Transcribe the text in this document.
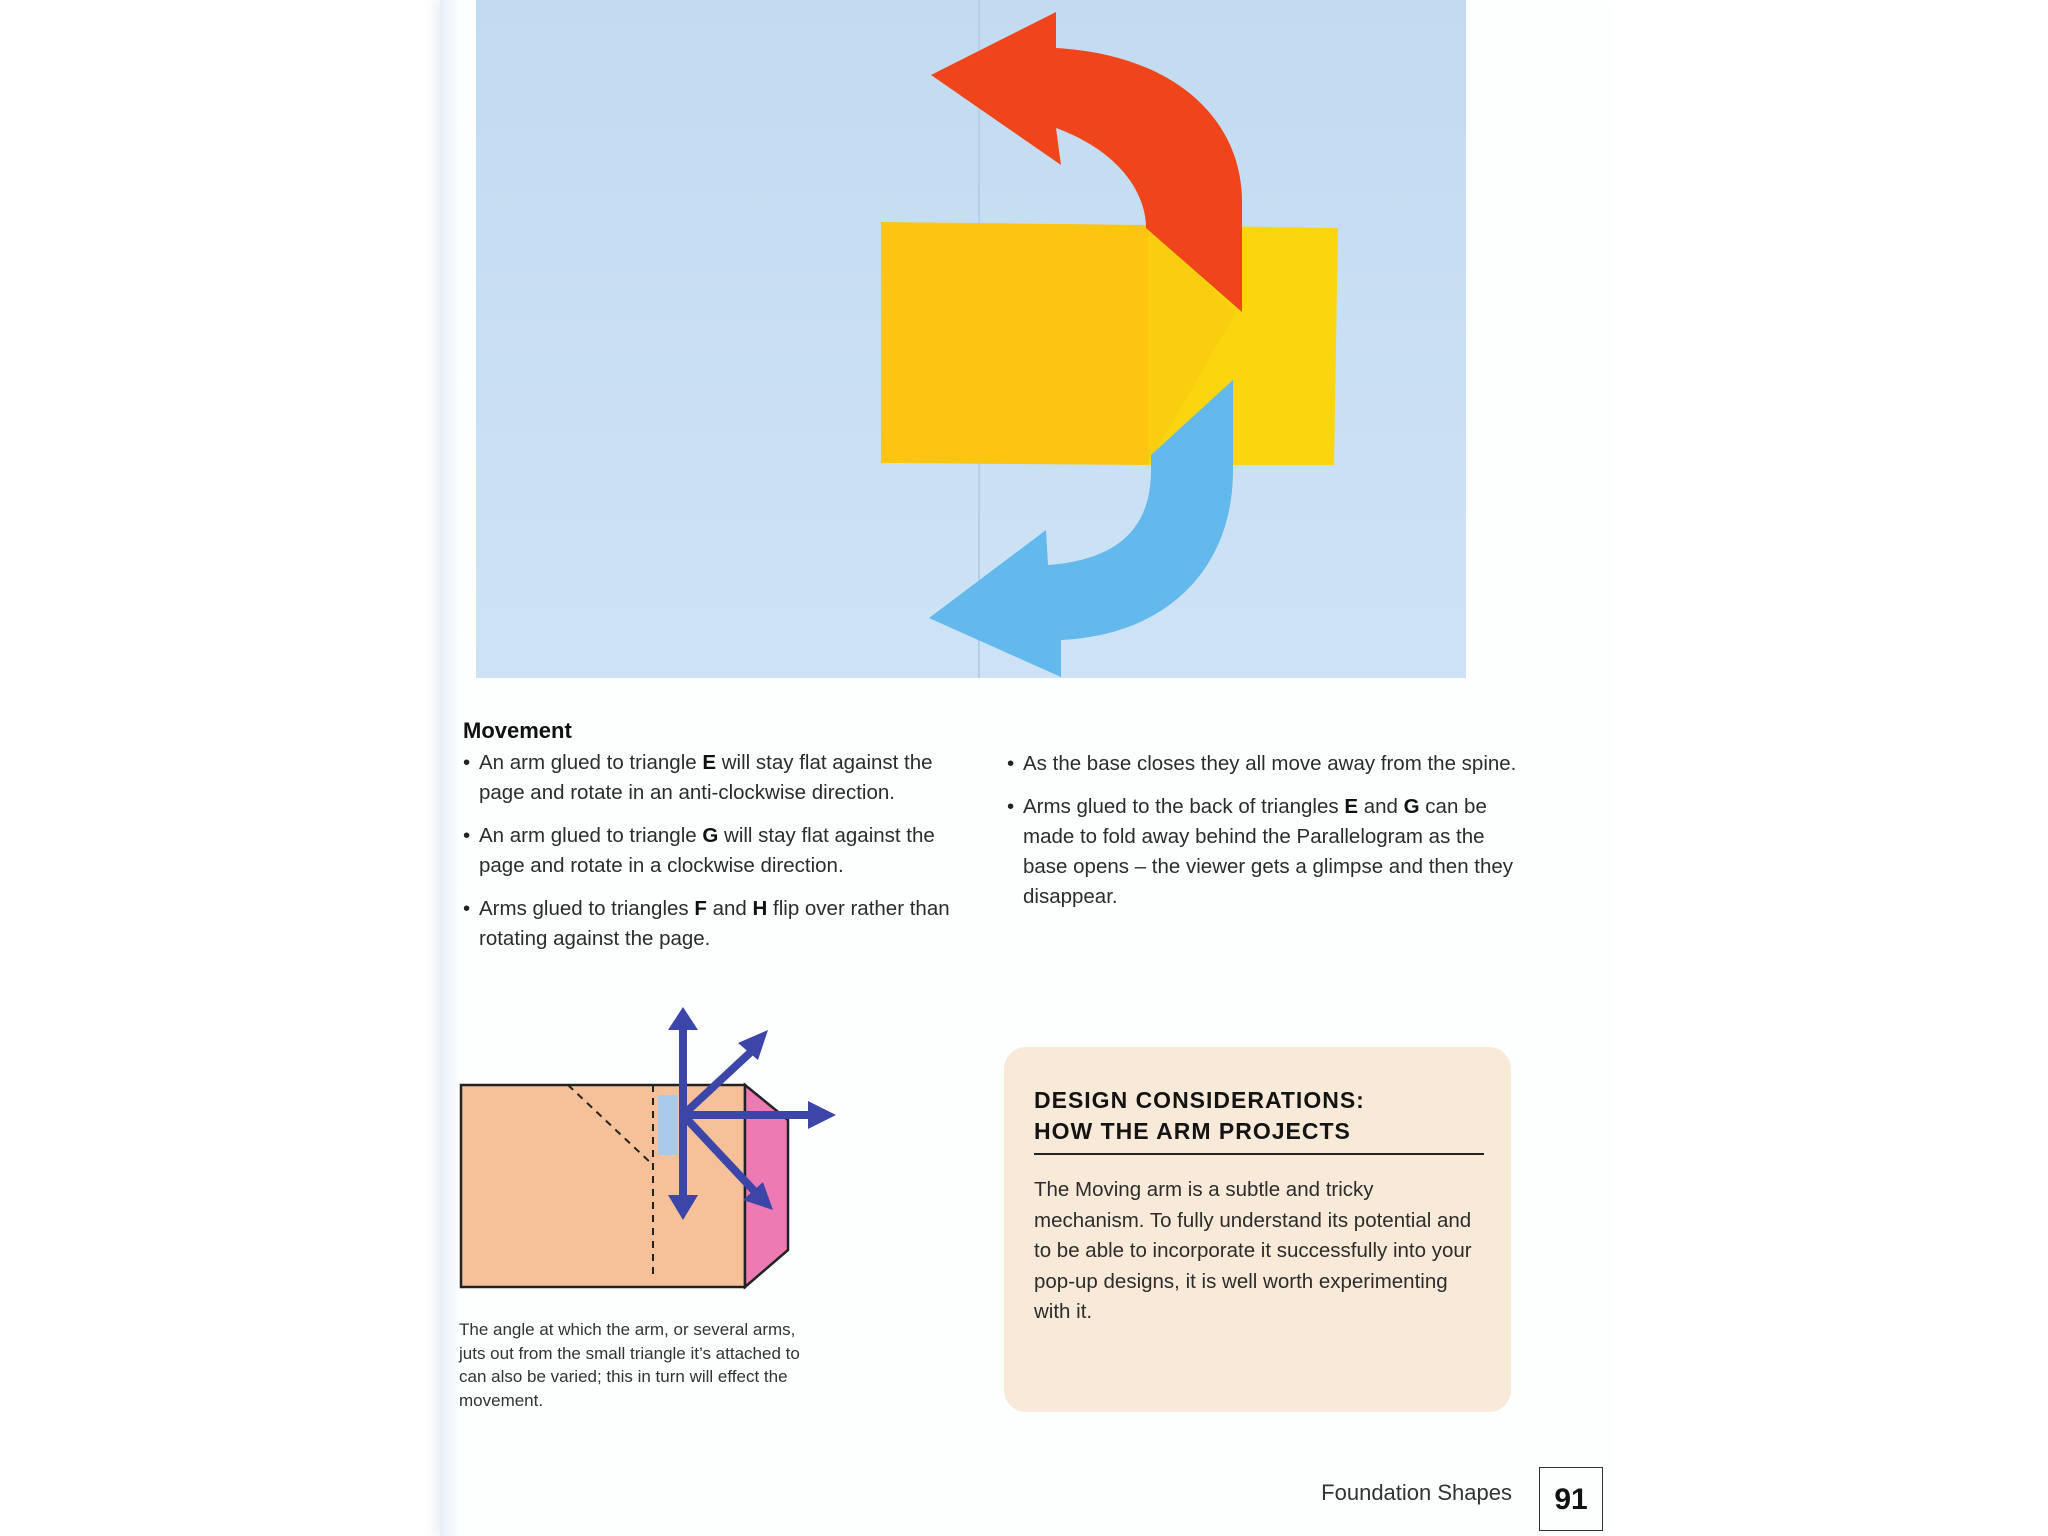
Movement
• An arm glued to triangle E will stay flat against the page and rotate in an anti-clockwise direction.
• An arm glued to triangle G will stay flat against the page and rotate in a clockwise direction.
• Arms glued to triangles F and H flip over rather than rotating against the page.
• As the base closes they all move away from the spine.
• Arms glued to the back of triangles E and G can be made to fold away behind the Parallelogram as the base opens – the viewer gets a glimpse and then they disappear.
The angle at which the arm, or several arms, juts out from the small triangle it’s attached to can also be varied; this in turn will effect the movement.
DESIGN CONSIDERATIONS:
HOW THE ARM PROJECTS
The Moving arm is a subtle and tricky mechanism. To fully understand its potential and to be able to incorporate it successfully into your pop-up designs, it is well worth experimenting with it.
Foundation Shapes	91
